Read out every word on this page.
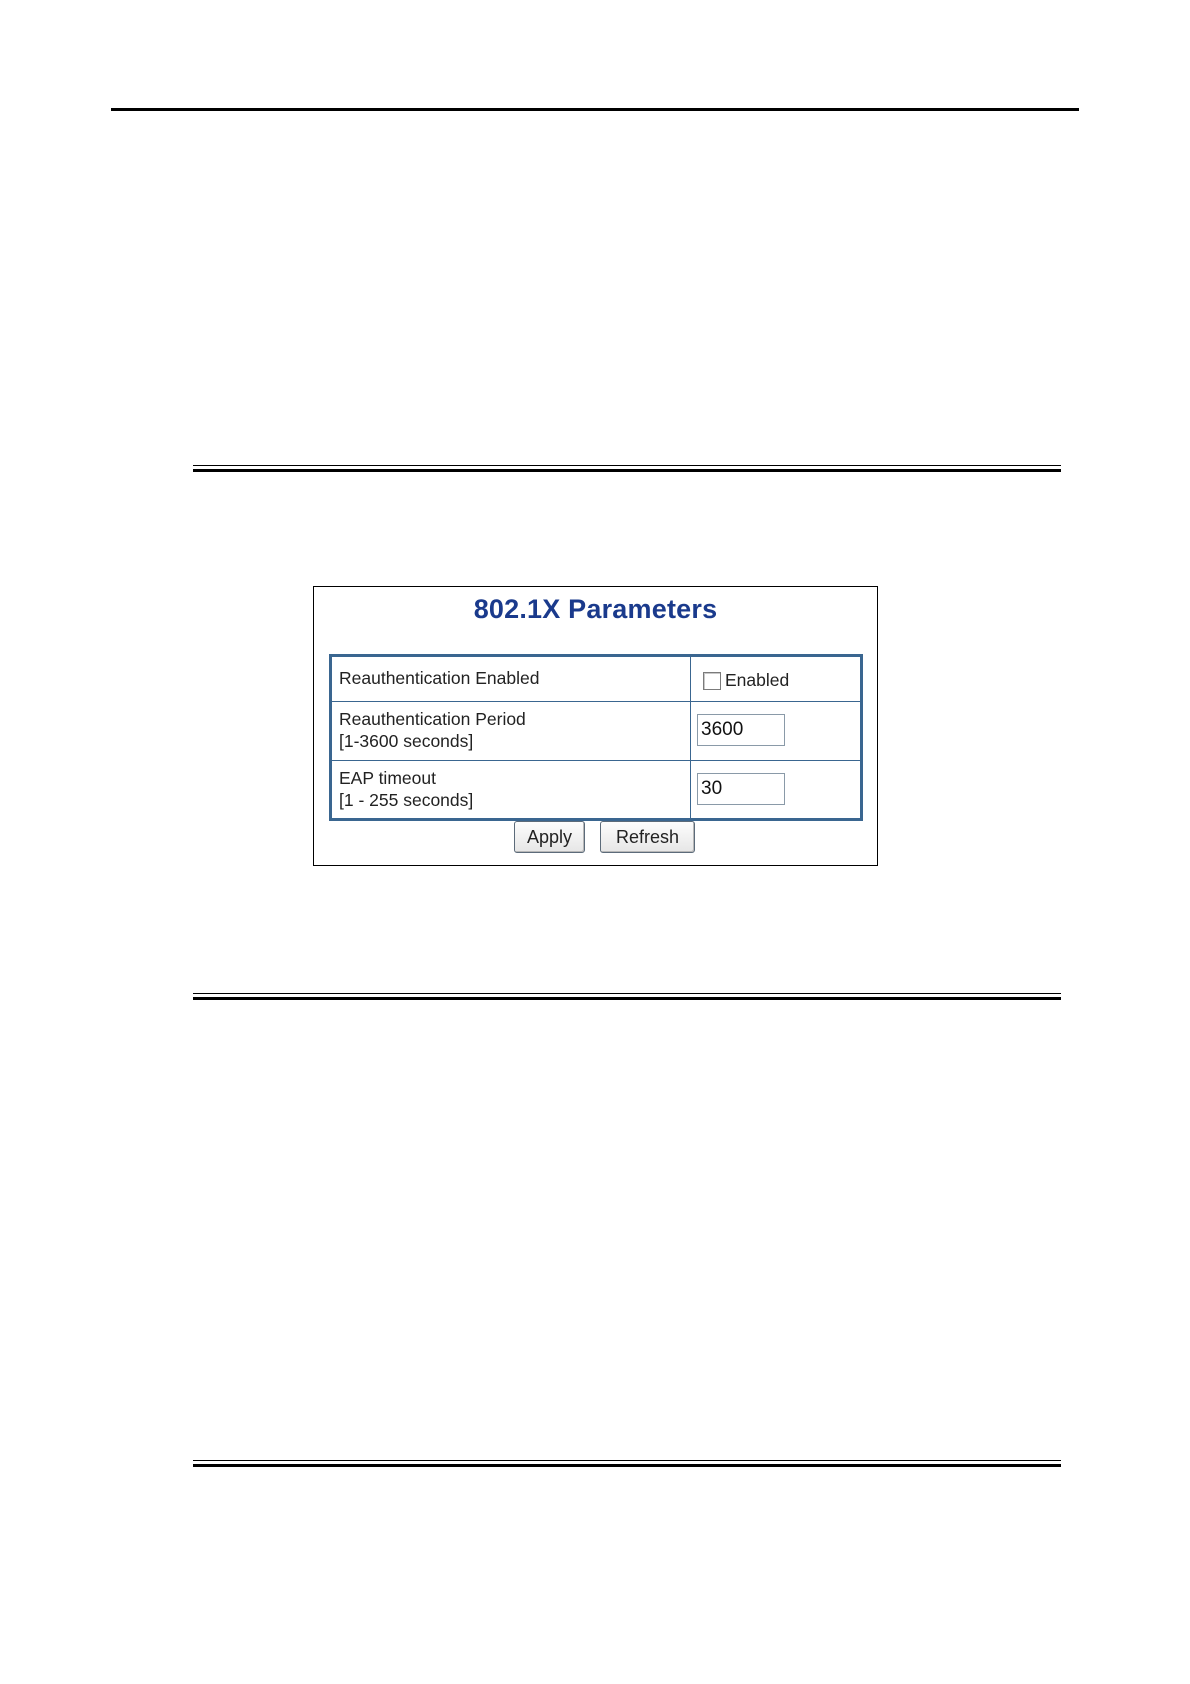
802.1X Parameters
Reauthentication Enabled	Enabled
Reauthentication Period
[1-3600 seconds]
3600
EAP timeout
[1 - 255 seconds]
30
Apply	Refresh
